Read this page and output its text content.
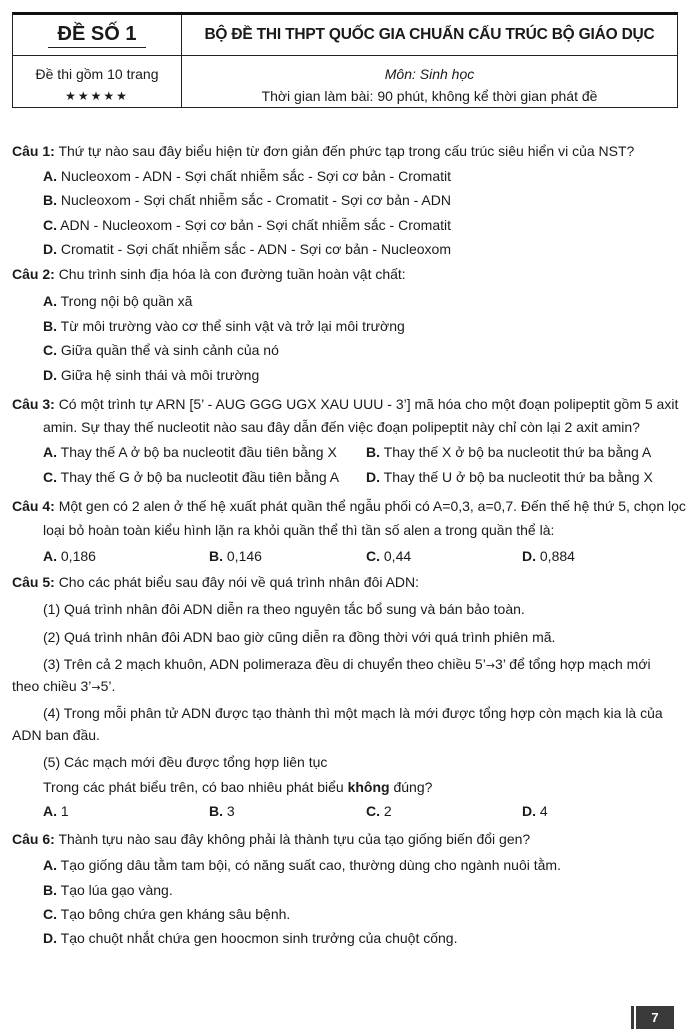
ĐỀ SỐ 1
Đề thi gồm 10 trang
★★★★★
BỘ ĐỀ THI THPT QUỐC GIA CHUẨN CẤU TRÚC BỘ GIÁO DỤC
Môn: Sinh học
Thời gian làm bài: 90 phút, không kể thời gian phát đề
Câu 1: Thứ tự nào sau đây biểu hiện từ đơn giản đến phức tạp trong cấu trúc siêu hiển vi của NST?
A. Nucleoxom - ADN - Sợi chất nhiễm sắc - Sợi cơ bản - Cromatit
B. Nucleoxom - Sợi chất nhiễm sắc - Cromatit - Sợi cơ bản - ADN
C. ADN - Nucleoxom - Sợi cơ bản - Sợi chất nhiễm sắc - Cromatit
D. Cromatit - Sợi chất nhiễm sắc - ADN - Sợi cơ bản - Nucleoxom
Câu 2: Chu trình sinh địa hóa là con đường tuần hoàn vật chất:
A. Trong nội bộ quần xã
B. Từ môi trường vào cơ thể sinh vật và trở lại môi trường
C. Giữa quần thể và sinh cảnh của nó
D. Giữa hệ sinh thái và môi trường
Câu 3: Có một trình tự ARN [5’ - AUG GGG UGX XAU UUU - 3’] mã hóa cho một đoạn polipeptit gồm 5 axit
amin. Sự thay thế nucleotit nào sau đây dẫn đến việc đoạn polipeptit này chỉ còn lại 2 axit amin?
A. Thay thế A ở bộ ba nucleotit đầu tiên bằng X B. Thay thế X ở bộ ba nucleotit thứ ba bằng A
C. Thay thế G ở bộ ba nucleotit đầu tiên bằng A D. Thay thế U ở bộ ba nucleotit thứ ba bằng X
Câu 4: Một gen có 2 alen ở thế hệ xuất phát quần thể ngẫu phối có A=0,3, a=0,7. Đến thế hệ thứ 5, chọn lọc
loại bỏ hoàn toàn kiểu hình lặn ra khỏi quần thể thì tần số alen a trong quần thể là:
A. 0,186	B. 0,146	C. 0,44	D. 0,884
Câu 5: Cho các phát biểu sau đây nói về quá trình nhân đôi ADN:
(1) Quá trình nhân đôi ADN diễn ra theo nguyên tắc bổ sung và bán bảo toàn.
(2) Quá trình nhân đôi ADN bao giờ cũng diễn ra đồng thời với quá trình phiên mã.
(3) Trên cả 2 mạch khuôn, ADN polimeraza đều di chuyển theo chiều 5’→3’ để tổng hợp mạch mới
theo chiều 3’→5’.
(4) Trong mỗi phân tử ADN được tạo thành thì một mạch là mới được tổng hợp còn mạch kia là của
ADN ban đầu.
(5) Các mạch mới đều được tổng hợp liên tục
Trong các phát biểu trên, có bao nhiêu phát biểu không đúng?
A. 1	B. 3	C. 2	D. 4
Câu 6: Thành tựu nào sau đây không phải là thành tựu của tạo giống biến đổi gen?
A. Tạo giống dâu tằm tam bội, có năng suất cao, thường dùng cho ngành nuôi tằm.
B. Tạo lúa gạo vàng.
C. Tạo bông chứa gen kháng sâu bệnh.
D. Tạo chuột nhắt chứa gen hoocmon sinh trưởng của chuột cống.
7
